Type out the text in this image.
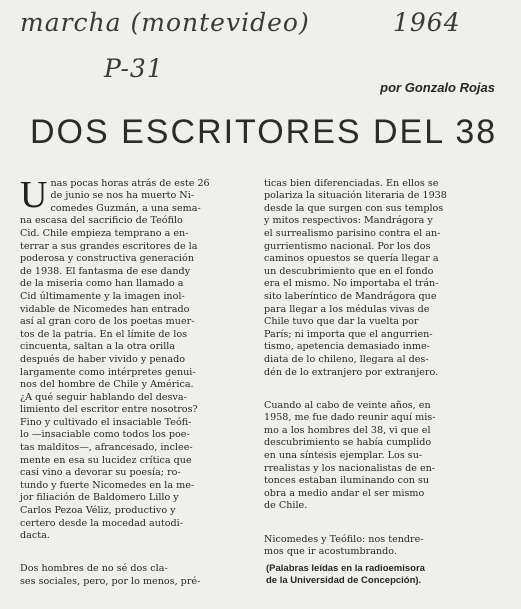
marcha (montevideo)	1964
P-31
por Gonzalo Rojas
DOS ESCRITORES DEL 38

Unas pocas horas atrás de este 26
de junio se nos ha muerto Ni-
comedes Guzmán, a una sema-
na escasa del sacrificio de Teófilo
Cid. Chile empieza temprano a en-
terrar a sus grandes escritores de la
poderosa y constructiva generación
de 1938. El fantasma de ese dandy
de la miseria como han llamado a
Cid últimamente y la imagen inol-
vidable de Nicomedes han entrado
así al gran coro de los poetas muer-
tos de la patria. En el límite de los
cincuenta, saltan a la otra orilla
después de haber vivido y penado
largamente como intérpretes genui-
nos del hombre de Chile y América.
¿A qué seguir hablando del desva-
limiento del escritor entre nosotros?
Fino y cultivado el insaciable Teófi-
lo —insaciable como todos los poe-
tas malditos—, afrancesado, inclee-
mente en esa su lucidez crítica que
casi vino a devorar su poesía; ro-
tundo y fuerte Nicomedes en la me-
jor filiación de Baldomero Lillo y
Carlos Pezoa Véliz, productivo y
certero desde la mocedad autodi-
dacta.

Dos hombres de no sé dos cla-
ses sociales, pero, por lo menos, pré-

ticas bien diferenciadas. En ellos se
polariza la situación literaria de 1938
desde la que surgen con sus templos
y mitos respectivos: Mandrágora y
el surrealismo parisino contra el an-
gurrientismo nacional. Por los dos
caminos opuestos se quería llegar a
un descubrimiento que en el fondo
era el mismo. No importaba el trán-
sito laberíntico de Mandrágora que
para llegar a los médulas vivas de
Chile tuvo que dar la vuelta por
París; ni importa que el angurrien-
tismo, apetencia demasiado inme-
diata de lo chileno, llegara al des-
dén de lo extranjero por extranjero.

Cuando al cabo de veinte años, en
1958, me fue dado reunir aquí mis-
mo a los hombres del 38, vi que el
descubrimiento se había cumplido
en una síntesis ejemplar. Los su-
rrealistas y los nacionalistas de en-
tonces estaban iluminando con su
obra a medio andar el ser mismo
de Chile.

Nicomedes y Teófilo: nos tendre-
mos que ir acostumbrando.

(Palabras leídas en la radioemisora
de la Universidad de Concepción).
